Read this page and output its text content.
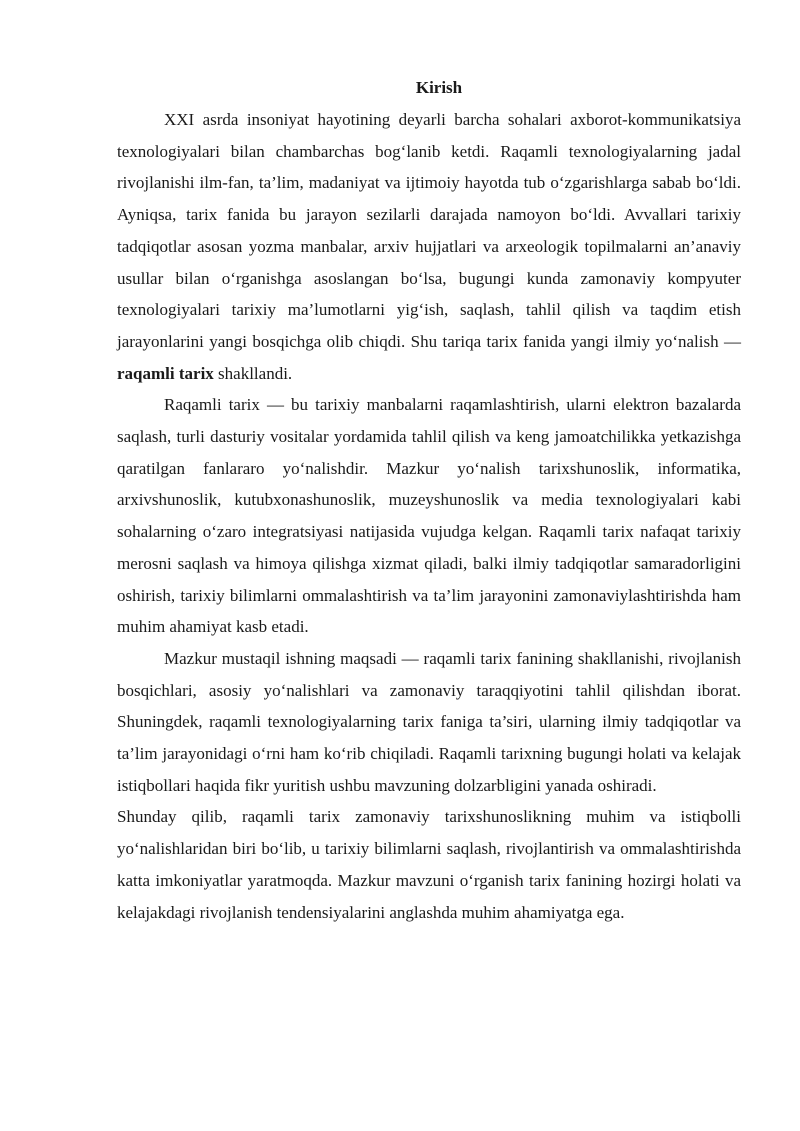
Kirish

XXI asrda insoniyat hayotining deyarli barcha sohalari axborot-kommunikatsiya texnologiyalari bilan chambarchas bog‘lanib ketdi. Raqamli texnologiyalarning jadal rivojlanishi ilm-fan, ta’lim, madaniyat va ijtimoiy hayotda tub o‘zgarishlarga sabab bo‘ldi. Ayniqsa, tarix fanida bu jarayon sezilarli darajada namoyon bo‘ldi. Avvallari tarixiy tadqiqotlar asosan yozma manbalar, arxiv hujjatlari va arxeologik topilmalarni an’anaviy usullar bilan o‘rganishga asoslangan bo‘lsa, bugungi kunda zamonaviy kompyuter texnologiyalari tarixiy ma’lumotlarni yig‘ish, saqlash, tahlil qilish va taqdim etish jarayonlarini yangi bosqichga olib chiqdi. Shu tariqa tarix fanida yangi ilmiy yo‘nalish — raqamli tarix shakllandi.

Raqamli tarix — bu tarixiy manbalarni raqamlashtirish, ularni elektron bazalarda saqlash, turli dasturiy vositalar yordamida tahlil qilish va keng jamoatchilikka yetkazishga qaratilgan fanlararo yo‘nalishdir. Mazkur yo‘nalish tarixshunoslik, informatika, arxivshunoslik, kutubxonashunoslik, muzeyshunoslik va media texnologiyalari kabi sohalarning o‘zaro integratsiyasi natijasida vujudga kelgan. Raqamli tarix nafaqat tarixiy merosni saqlash va himoya qilishga xizmat qiladi, balki ilmiy tadqiqotlar samaradorligini oshirish, tarixiy bilimlarni ommalashtirish va ta’lim jarayonini zamonaviylashtirishda ham muhim ahamiyat kasb etadi.

Mazkur mustaqil ishning maqsadi — raqamli tarix fanining shakllanishi, rivojlanish bosqichlari, asosiy yo‘nalishlari va zamonaviy taraqqiyotini tahlil qilishdan iborat. Shuningdek, raqamli texnologiyalarning tarix faniga ta’siri, ularning ilmiy tadqiqotlar va ta’lim jarayonidagi o‘rni ham ko‘rib chiqiladi. Raqamli tarixning bugungi holati va kelajak istiqbollari haqida fikr yuritish ushbu mavzuning dolzarbligini yanada oshiradi.

Shunday qilib, raqamli tarix zamonaviy tarixshunoslikning muhim va istiqbolli yo‘nalishlaridan biri bo‘lib, u tarixiy bilimlarni saqlash, rivojlantirish va ommalashtirishda katta imkoniyatlar yaratmoqda. Mazkur mavzuni o‘rganish tarix fanining hozirgi holati va kelajakdagi rivojlanish tendensiyalarini anglashda muhim ahamiyatga ega.
